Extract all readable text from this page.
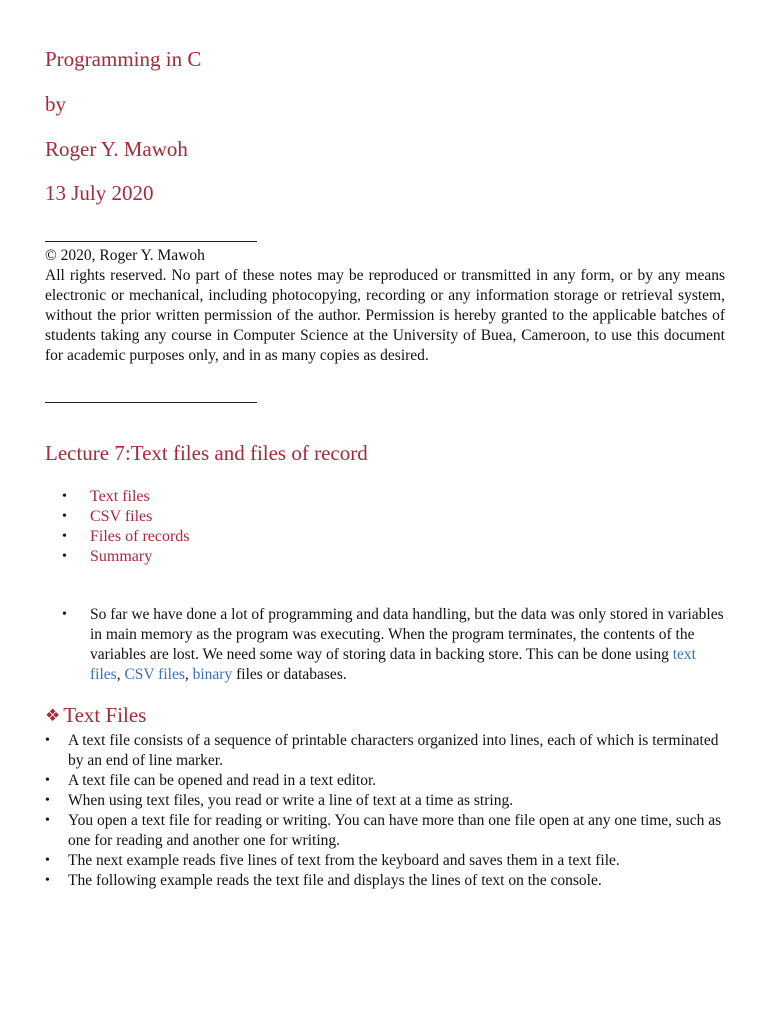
Programming in C
by
Roger Y. Mawoh
13 July 2020

© 2020, Roger Y. Mawoh

All rights reserved. No part of these notes may be reproduced or transmitted in any form, or by any means electronic or mechanical, including photocopying, recording or any information storage or retrieval system, without the prior written permission of the author. Permission is hereby granted to the applicable batches of students taking any course in Computer Science at the University of Buea, Cameroon, to use this document for academic purposes only, and in as many copies as desired.

Lecture 7:Text files and files of record
• Text files
• CSV files
• Files of records
• Summary
•	So far we have done a lot of programming and data handling, but the data was only stored in variables in main memory as the program was executing. When the program terminates, the contents of the variables are lost. We need some way of storing data in backing store. This can be done using text files, CSV files, binary files or databases.
❖ Text Files
• A text file consists of a sequence of printable characters organized into lines, each of which is terminated by an end of line marker.
• A text file can be opened and read in a text editor.
• When using text files, you read or write a line of text at a time as string.
• You open a text file for reading or writing. You can have more than one file open at any one time, such as one for reading and another one for writing.
• The next example reads five lines of text from the keyboard and saves them in a text file.
• The following example reads the text file and displays the lines of text on the console.
